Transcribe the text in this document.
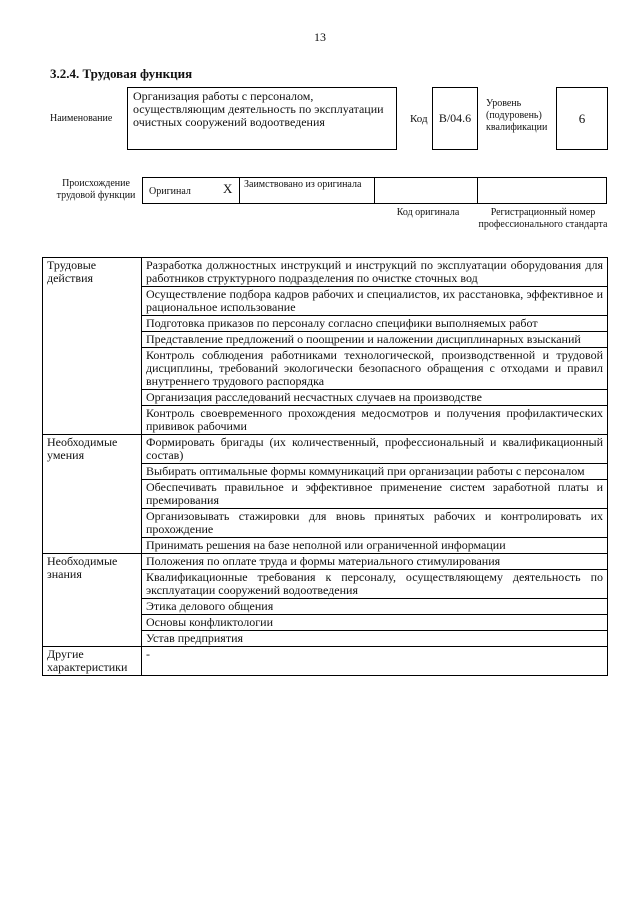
13
3.2.4. Трудовая функция
Наименование
Организация работы с персоналом, осуществляющим деятельность по эксплуатации очистных сооружений водоотведения	Код B/04.6
Уровень (подуровень) квалификации
6
Происхождение трудовой функции	Оригинал X	Заимствовано из оригинала
Код оригинала	Регистрационный номер профессионального стандарта
Трудовые действия	Разработка должностных инструкций и инструкций по эксплуатации оборудования для работников структурного подразделения по очистке сточных вод
	Осуществление подбора кадров рабочих и специалистов, их расстановка, эффективное и рациональное использование
	Подготовка приказов по персоналу согласно специфики выполняемых работ
	Представление предложений о поощрении и наложении дисциплинарных взысканий
	Контроль соблюдения работниками технологической, производственной и трудовой дисциплины, требований экологически безопасного обращения с отходами и правил внутреннего трудового распорядка
	Организация расследований несчастных случаев на производстве
	Контроль своевременного прохождения медосмотров и получения профилактических прививок рабочими
Необходимые умения	Формировать бригады (их количественный, профессиональный и квалификационный состав)
	Выбирать оптимальные формы коммуникаций при организации работы с персоналом
	Обеспечивать правильное и эффективное применение систем заработной платы и премирования
	Организовывать стажировки для вновь принятых рабочих и контролировать их прохождение
	Принимать решения на базе неполной или ограниченной информации
Необходимые знания	Положения по оплате труда и формы материального стимулирования
	Квалификационные требования к персоналу, осуществляющему деятельность по эксплуатации сооружений водоотведения
	Этика делового общения
	Основы конфликтологии
	Устав предприятия
Другие характеристики	-
